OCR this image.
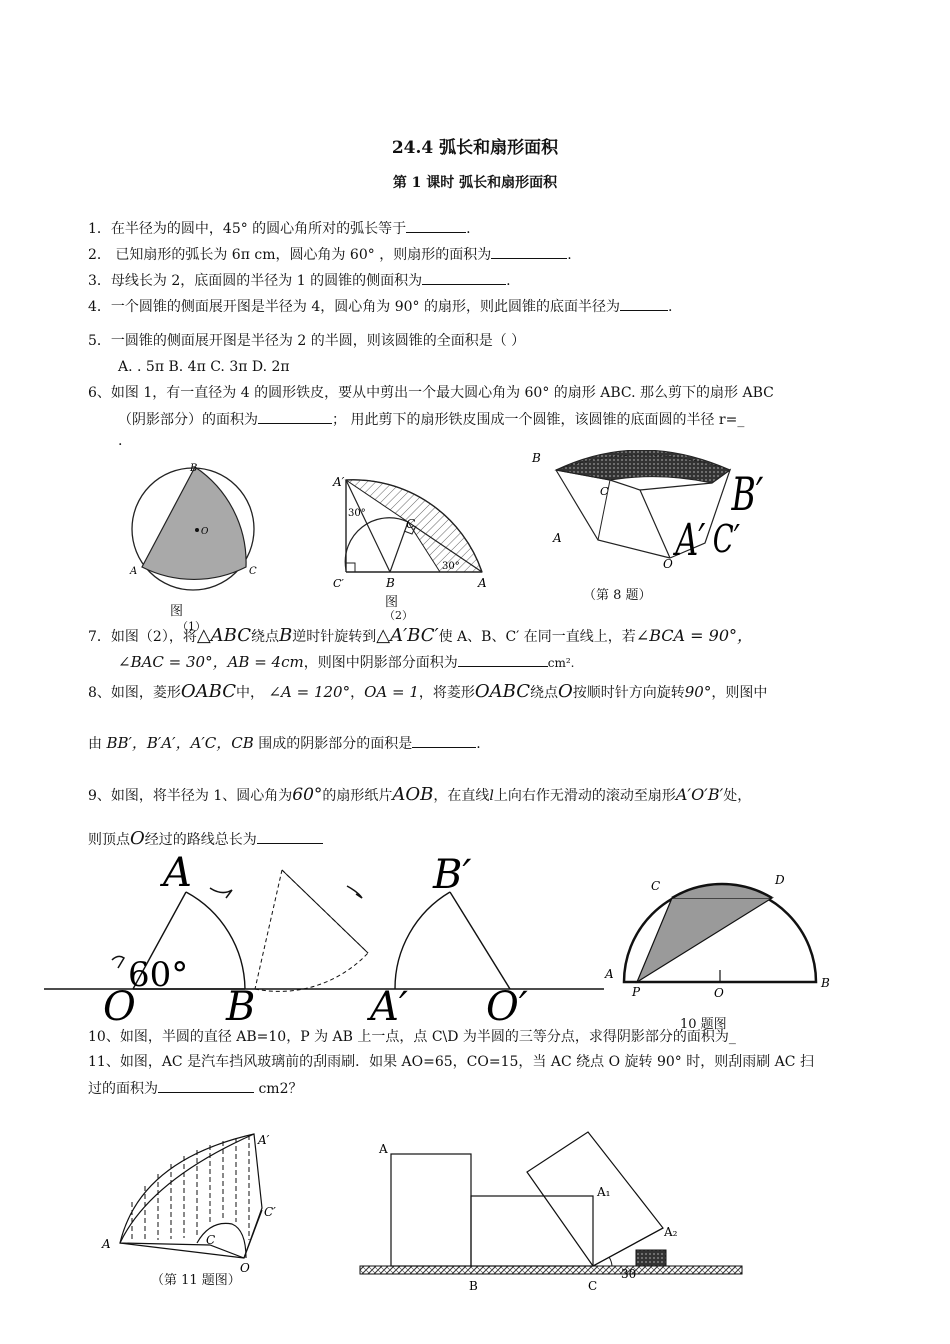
24.4 弧长和扇形面积
第 1 课时 弧长和扇形面积
1．在半径为的圆中，45° 的圆心角所对的弧长等于	.
2． 已知扇形的弧长为 6π cm，圆心角为 60° ，则扇形的面积为	.
3．母线长为 2，底面圆的半径为 1 的圆锥的侧面积为	.
4．一个圆锥的侧面展开图是半径为 4，圆心角为 90° 的扇形，则此圆锥的底面半径为	.
5．一圆锥的侧面展开图是半径为 2 的半圆，则该圆锥的全面积是（ ）
A. . 5π B. 4π C. 3π D. 2π
6、如图 1，有一直径为 4 的圆形铁皮，要从中剪出一个最大圆心角为 60° 的扇形 ABC. 那么剪下的扇形 ABC
（阴影部分）的面积为	； 用此剪下的扇形铁皮围成一个圆锥，该圆锥的底面圆的半径 r=_
.
B
A	C
O
A′
30°
C
C′	B
30°
A
B
C
A
O A′
B′
C′
图
（1）
图
（2）
（第 8 题）
7．如图（2），将△ABC绕点B逆时针旋转到△A′BC′使 A、B、C′ 在同一直线上，若∠BCA = 90°，
∠BAC = 30°，AB = 4cm，则图中阴影部分面积为	cm².
8、如图，菱形OABC中， ∠A = 120°，OA = 1，将菱形OABC绕点O按顺时针方向旋转90°，则图中
由 BB′，B′A′，A′C，CB 围成的阴影部分的面积是	.
9、如图，将半径为 1、圆心角为60°的扇形纸片AOB，在直线l上向右作无滑动的滚动至扇形A′O′B′处，
则顶点O经过的路线总长为
A
60°
O B
B′
A′ O′
C	D
A
P	O
B
10 题图
10、如图，半圆的直径 AB=10，P 为 AB 上一点，点 C\D 为半圆的三等分点，求得阴影部分的面积为_
11、如图，AC 是汽车挡风玻璃前的刮雨刷．如果 AO=65，CO=15，当 AC 绕点 O 旋转 90° 时，则刮雨刷 AC 扫
过的面积为	cm2？
A′
C′
C
A
O
A
A₁
A₂
30
B	C
（第 11 题图）
